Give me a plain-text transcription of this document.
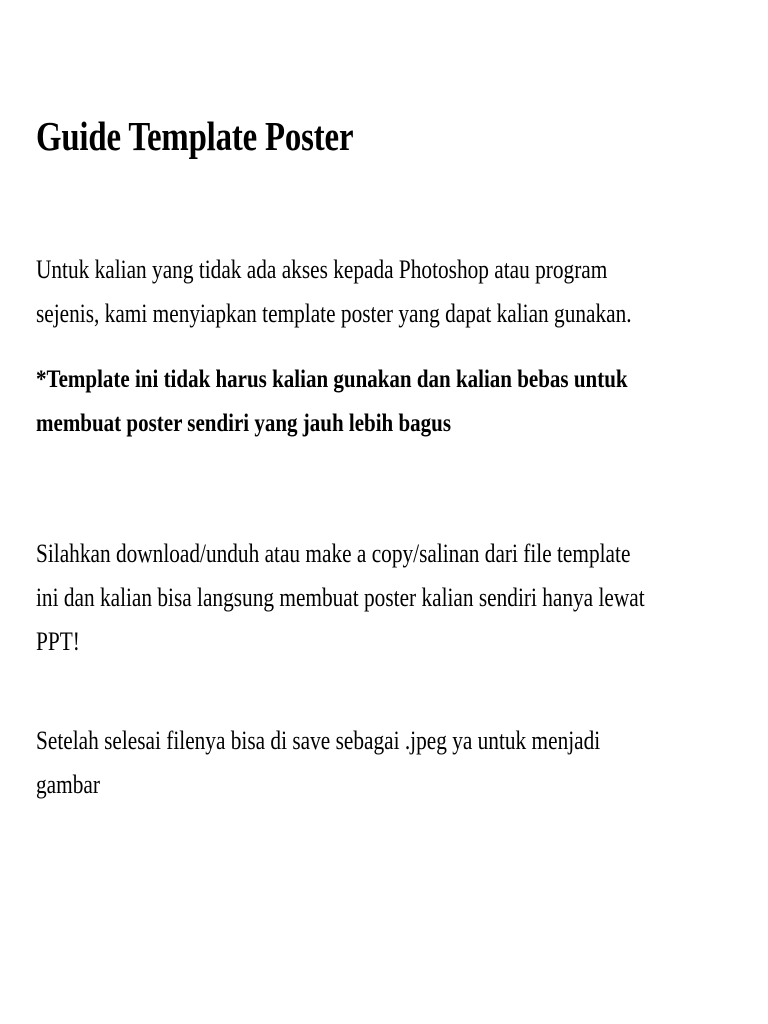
Guide Template Poster

Untuk kalian yang tidak ada akses kepada Photoshop atau program
sejenis, kami menyiapkan template poster yang dapat kalian gunakan.

*Template ini tidak harus kalian gunakan dan kalian bebas untuk
membuat poster sendiri yang jauh lebih bagus

Silahkan download/unduh atau make a copy/salinan dari file template
ini dan kalian bisa langsung membuat poster kalian sendiri hanya lewat
PPT!

Setelah selesai filenya bisa di save sebagai .jpeg ya untuk menjadi
gambar
